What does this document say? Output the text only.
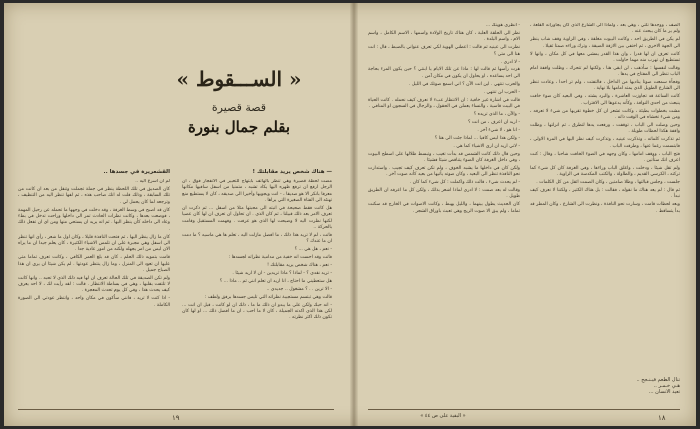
« الســـقوط »
قصة قصيرة
بقلم جمال بنورة
— هناك شخص يريد مقابلتك !

مضت لحظة قصيرة وهي تنظر بالهاتف بابتهاج للتعبير في الانفجار فوق ، ان الرجل ارفع ان ترفع ظهره اليها يكاد تشبه ، متمنيا من اسفل سافيها مكانها معرفا بانكر الا هو صديقا ، - انت ويجوبها وأخيرا الى صديقه ، كان لا يستطيع منع تهنئه الى الفتاة الصغيرة التي يراها .

هل كانت فقط صحيحة في انبته الى محبتها مثلا من اسفل ... ثم ذكرت ان تعرف الامر بعد ذلك قبيلنا ، ثم كان الذي . ان تحاول ان تعرف ان لها كان عصيا لكنها نظرت اليه لا وضيحت لها الذي هو عرفت . وفهمت المستقبل وقامت بالحركة ..

فاتت ، لم لا تريد هذا ذلك ، ما افضل مازلت اليه ، تعلم ها هي ماسيه ؟ ما دمت ان ما عندك ؟

- نعم ، هل هي ... ؟

فاتت وقد احست انه خفية من مدامية نظراته لجسدها :

- نعم ، هناك شخص يريد مقابلتك !

- تريد نقدي ؟ - لماذا ؟ ماذا تريدين - ان لا اريد شيئا .

هل ستعطيني ما احتاج ، انا اريد ان تعلم انني ثم .. ماذا ... ؟

- الا ترين . . ؟ مشغول .. جديدي ..

قالت وهي تبتسم مستجيبة نظراته التي تليس جسدها برفق ولطف :

- انه حبك ولكن على ما يبدو ان ذلك ما ما ، ذلك ان لو كانت ، قبل ان انت ... لكن هذا الذي اكدته الجميلة ، كان لا ما احب ، ان ما افضل ذلك ... او لها كان تكون ذلك اكثر نظرته .

القشعريرة في جسدها ..

لم ان اسرع اليه ..

كان الصديق في تلك اللحظة ينظر في جملة تجملت وتنقل من بعد ان كانت من تلك السابقة ، وذلك قلت له انك صاحب هذه ، ثم لفها تنظر اليه من التنظيف ، وترجعه لما كان يحمل لي .

كان قد اصبح في وسط الغرفة ، وقد دخلت في وجهها ما تحمله عن رحيل المهمة ، فوضعت بعدها ، وكانت نظرات الحادث تمر الى داخلها وراحت تدخل في بطء وعاد الى داخله كأن ينظر اليها . ثم انه يريد ان يستحي منها ومن اي ان تفعل ذلك .

كان ما زال ينظر اليها ، ثم فتحت النافذة قليلا ، وكان اول ما شعر ، رأى انها تنظر الى اسفل وهي مجبرة على ان تلمس الاشياء الكثيرة ، كان يعلم جيدا ان ما يراه الان ليس من امر يجهله ولكنه من امور عادية جدا .

قامت بتمويه ذلك الحلم ، كان قد بلغ العمر الكافي ، وكانت تعرف تماما متى عليها ان تعود الى المنزل ، وما زال ينتظر عودتها . لم يكن شيئا ان يرى ان هذا الصباح جميل .

ولم تكن الصديقة في تلك الحالة تعرف ان لها فيه ذلك الذي لا تحبه .. وانها كانت لا تلتفت بقلبها ، وهي في بساطة الانتظار . قالت : لقد رأيت لك ، لا احد يعرف كيف يحدث هذا ، وفي كل يوم تحدث المعجزة .

- اذا كنت لا تريد ، فانني سأكون في مكان واحد ، وانتظر عودتي الى الصورة الكاملة .

١٩

- انظري هويتك ...

نظر الى الحلقة العلبة ، كان هناك تاريخ الولادة واسمها ، الاسم الكامل ، واسم الام ، واسم البلدة .

نظرت الى عينيه ثم قالت : اعطني الهوية لكي تعرف عنواني بالضبط ، قال : انت هنا الى متى ؟

- لا ادري .

هزت رأسها ثم قالت لها : ماذا عن تلك الايام يا ابنتي ؟ حين يكون المرء بحاجة الى احد يساعده ، او يحاول ان يكون في مكان آمن .

والحرب تنتهي . اين انت الآن ؟ اني اسمع صوتك في الليل .

- الحرب لن تنتهي .

قالت في اشارة غير خافية : ان الانتظار عبء لا نعرف كيف نحمله . كانت الحياة في البيت قاسية ، والنساء يعملن في الحقول ، والرجال في السجون او المنافي .

- والآن ، ما الذي تريده ؟

- اريد ان اعرف ، من انت ؟

- انا هو ، لا شيء آخر .

- ولكن هذا ليس كافيا ... لماذا جئت الى هنا ؟

- لاني اريد ان ارى الاشياء كما هي .

وحين قال ذلك كانت الشمس قد بدأت تغيب ، وتبسط ظلالها على اسطح البيوت ، وفي داخل الغرفة كان الضوء يتناقص شيئا فشيئا .

ولكن كان في داخلها ما يشبه الخوف ، ولم تكن تعرف كيف تجيب . واستدارت نحو النافذة تنظر الى البعيد ، وكان صوته يأتيها من بعيد كأنه صوت آخر .

- لم يحدث شيء ، قالت ذلك واكملت : كل شيء كما كان .

وقالت له بعد صمت : لا ادري لماذا اشعر بذلك ، ولكن كل ما اعرفه ان الطريق طويل .

كان الحديث يطول بينهما ، والليل يهبط ، وكانت الاصوات في الخارج قد سكنت تماما ، ولم يبق الا صوت الريح وهي تعبث باوراق الشجر .

الصف ، ووجدها تلتي ، وهي بعد ، ولماذا الى الشارع الذي كان يجاورانه القلعة ، ولم ير ما كان يبحث عنه .

لم يكن في الطريق احد ، وكانت البيوت مغلقة ، وفي الزاوية وقف شاب ينظر الى الجهة الاخرى ، ثم اختفى بين الازقة الضيقة ، وترك وراءه صمتا ثقيلا .

كانت تعرف ان لها قدرا ، وان هذا القدر يمشي معها في كل مكان ، وانها لا تستطيع ان تهرب منه مهما حاولت .

وقالت لنفسها : سأذهب ، لن ابقى هنا ، ولكنها لم تتحرك ، وظلت واقفة امام الباب تنظر الى المفتاح في يدها .

وفجأة سمعت صوتا يناديها من الداخل ، فالتفتت ، ولم تر احدا ، وعادت تنظر الى الشارع الطويل الذي يمتد امامها بلا نهاية .

كانت الساعة قد تجاوزت العاشرة ، والبرد يشتد ، وفي البعيد كان ضوء خافت ينبعث من احدى النوافذ ، وكأنه يدعوها الى الاقتراب .

مشت بخطوات بطيئة ، وكانت تشعر ان كل خطوة تقربها من شيء لا تعرفه ، ومن شيء تخشاه في الوقت ذاته .

وحين وصلت الى الباب ، توقفت ، ورفعت يدها لتطرق ، ثم انزلتها ، وظلت واقفة هكذا لحظات طويلة .

ثم تذكرت كلماته ، وتذكرت عينيه ، وتذكرت كيف نظر اليها في المرة الاولى ، فابتسمت رغما عنها ، وطرقت الباب .

فتح الباب ، ووقف امامها ، وكان وجهه في الضوء الخافت شاحبا ، وقال : كنت اعرف انك ستأتين .

ولم تقل شيئا ، ودخلت ، واغلق الباب وراءها ، وفي الغرفة كان كل شيء كما تركته ، الكرسي القديم ، والطاولة ، والكتب المكدسة في الزاوية .

جلست ، وجلس قبالتها ، وظلا صامتين ، وكان الصمت اثقل من كل الكلمات .

ثم قال : لم يعد هناك ما نقوله ، فقالت : بل هناك الكثير ، ولكننا لا نعرف كيف نبدأ .

وبعد لحظات قامت ، وسارت نحو النافذة ، ونظرت الى الشارع ، وكان المطر قد بدأ يتساقط .

تنال الطعم فيـنـجح ..
هـي خـمـر ..
تعيد الانسان ...
« البقية على ص ٤٤ »	١٨
